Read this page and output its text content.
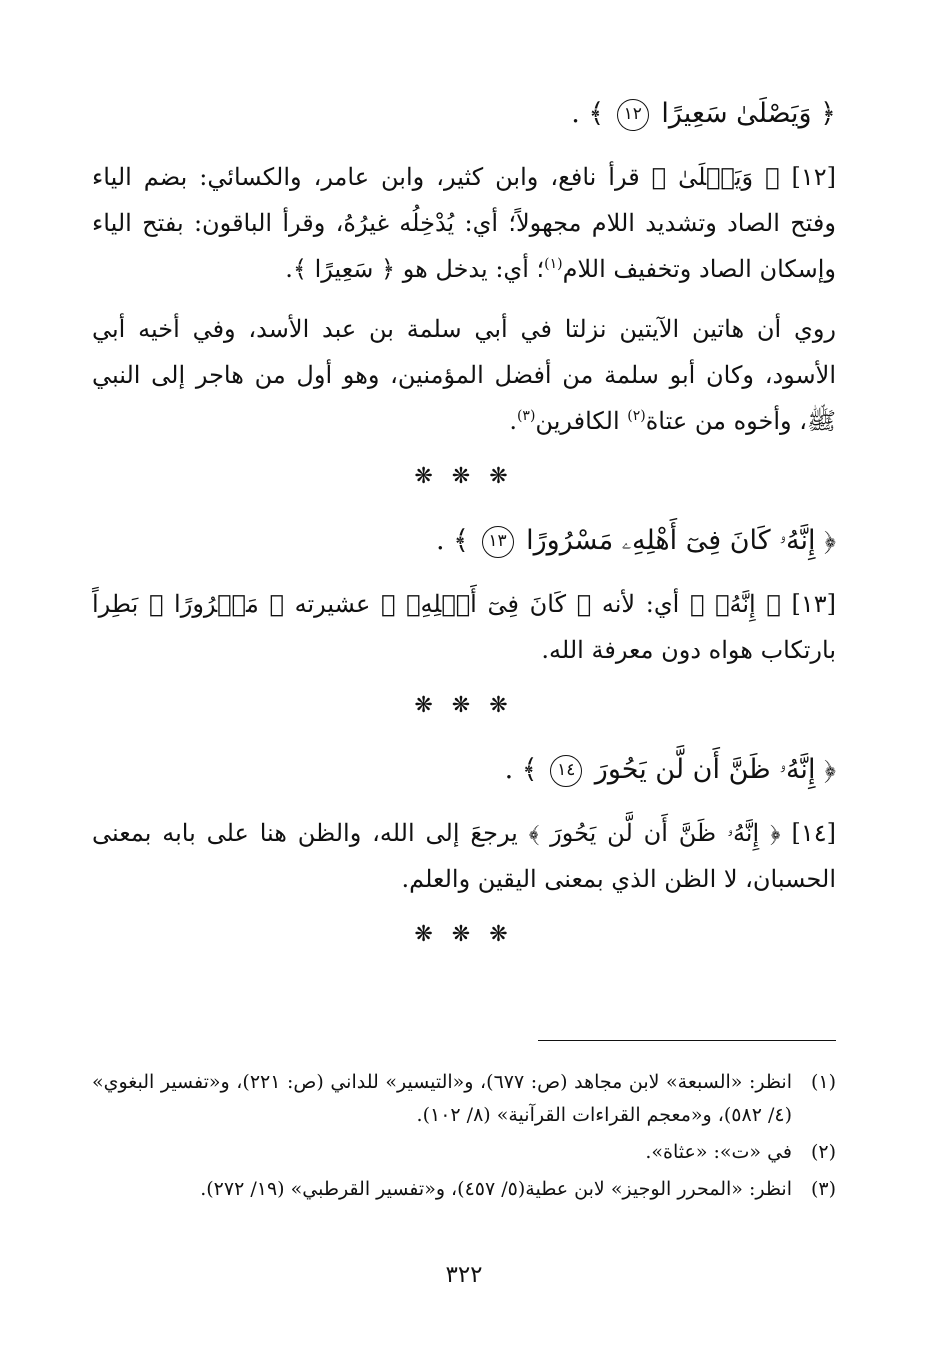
﴿ وَيَصْلَىٰ سَعِيرًا ١٢ ﴾ .

[١٢] ﴿ وَيَصۡلَىٰ ﴾ قرأ نافع، وابن كثير، وابن عامر، والكسائي: بضم الياء وفتح الصاد وتشديد اللام مجهولاً؛ أي: يُدْخِلُه غيرُهُ، وقرأ الباقون: بفتح الياء وإسكان الصاد وتخفيف اللام$^{(١)}$؛ أي: يدخل هو ﴿ سَعِيرًا ﴾.

روي أن هاتين الآيتين نزلتا في أبي سلمة بن عبد الأسد، وفي أخيه أبي الأسود، وكان أبو سلمة من أفضل المؤمنين، وهو أول من هاجر إلى النبي ﷺ، وأخوه من عتاة$^{(٢)}$ الكافرين$^{(٣)}$.

❋ ❋ ❋

﴿ إِنَّهُۥ كَانَ فِىٓ أَهْلِهِۦ مَسْرُورًا ١٣ ﴾ .

[١٣] ﴿ إِنَّهُۥ ﴾ أي: لأنه ﴿ كَانَ فِىٓ أَهۡلِهِۦ ﴾ عشيرته ﴿ مَسۡرُورًا ﴾ بَطِراً بارتكاب هواه دون معرفة الله.

❋ ❋ ❋

﴿ إِنَّهُۥ ظَنَّ أَن لَّن يَحُورَ ١٤ ﴾ .

[١٤] ﴿ إِنَّهُۥ ظَنَّ أَن لَّن يَحُورَ ﴾ يرجعَ إلى الله، والظن هنا على بابه بمعنى الحسبان، لا الظن الذي بمعنى اليقين والعلم.

❋ ❋ ❋
(١)
انظر: «السبعة» لابن مجاهد (ص: ٦٧٧)، و«التيسير» للداني (ص: ٢٢١)، و«تفسير البغوي» (٤/ ٥٨٢)، و«معجم القراءات القرآنية» (٨/ ١٠٢).
(٢)
في «ت»: «عثاة».
(٣)
انظر: «المحرر الوجيز» لابن عطية(٥/ ٤٥٧)، و«تفسير القرطبي» (١٩/ ٢٧٢).
٣٢٢
